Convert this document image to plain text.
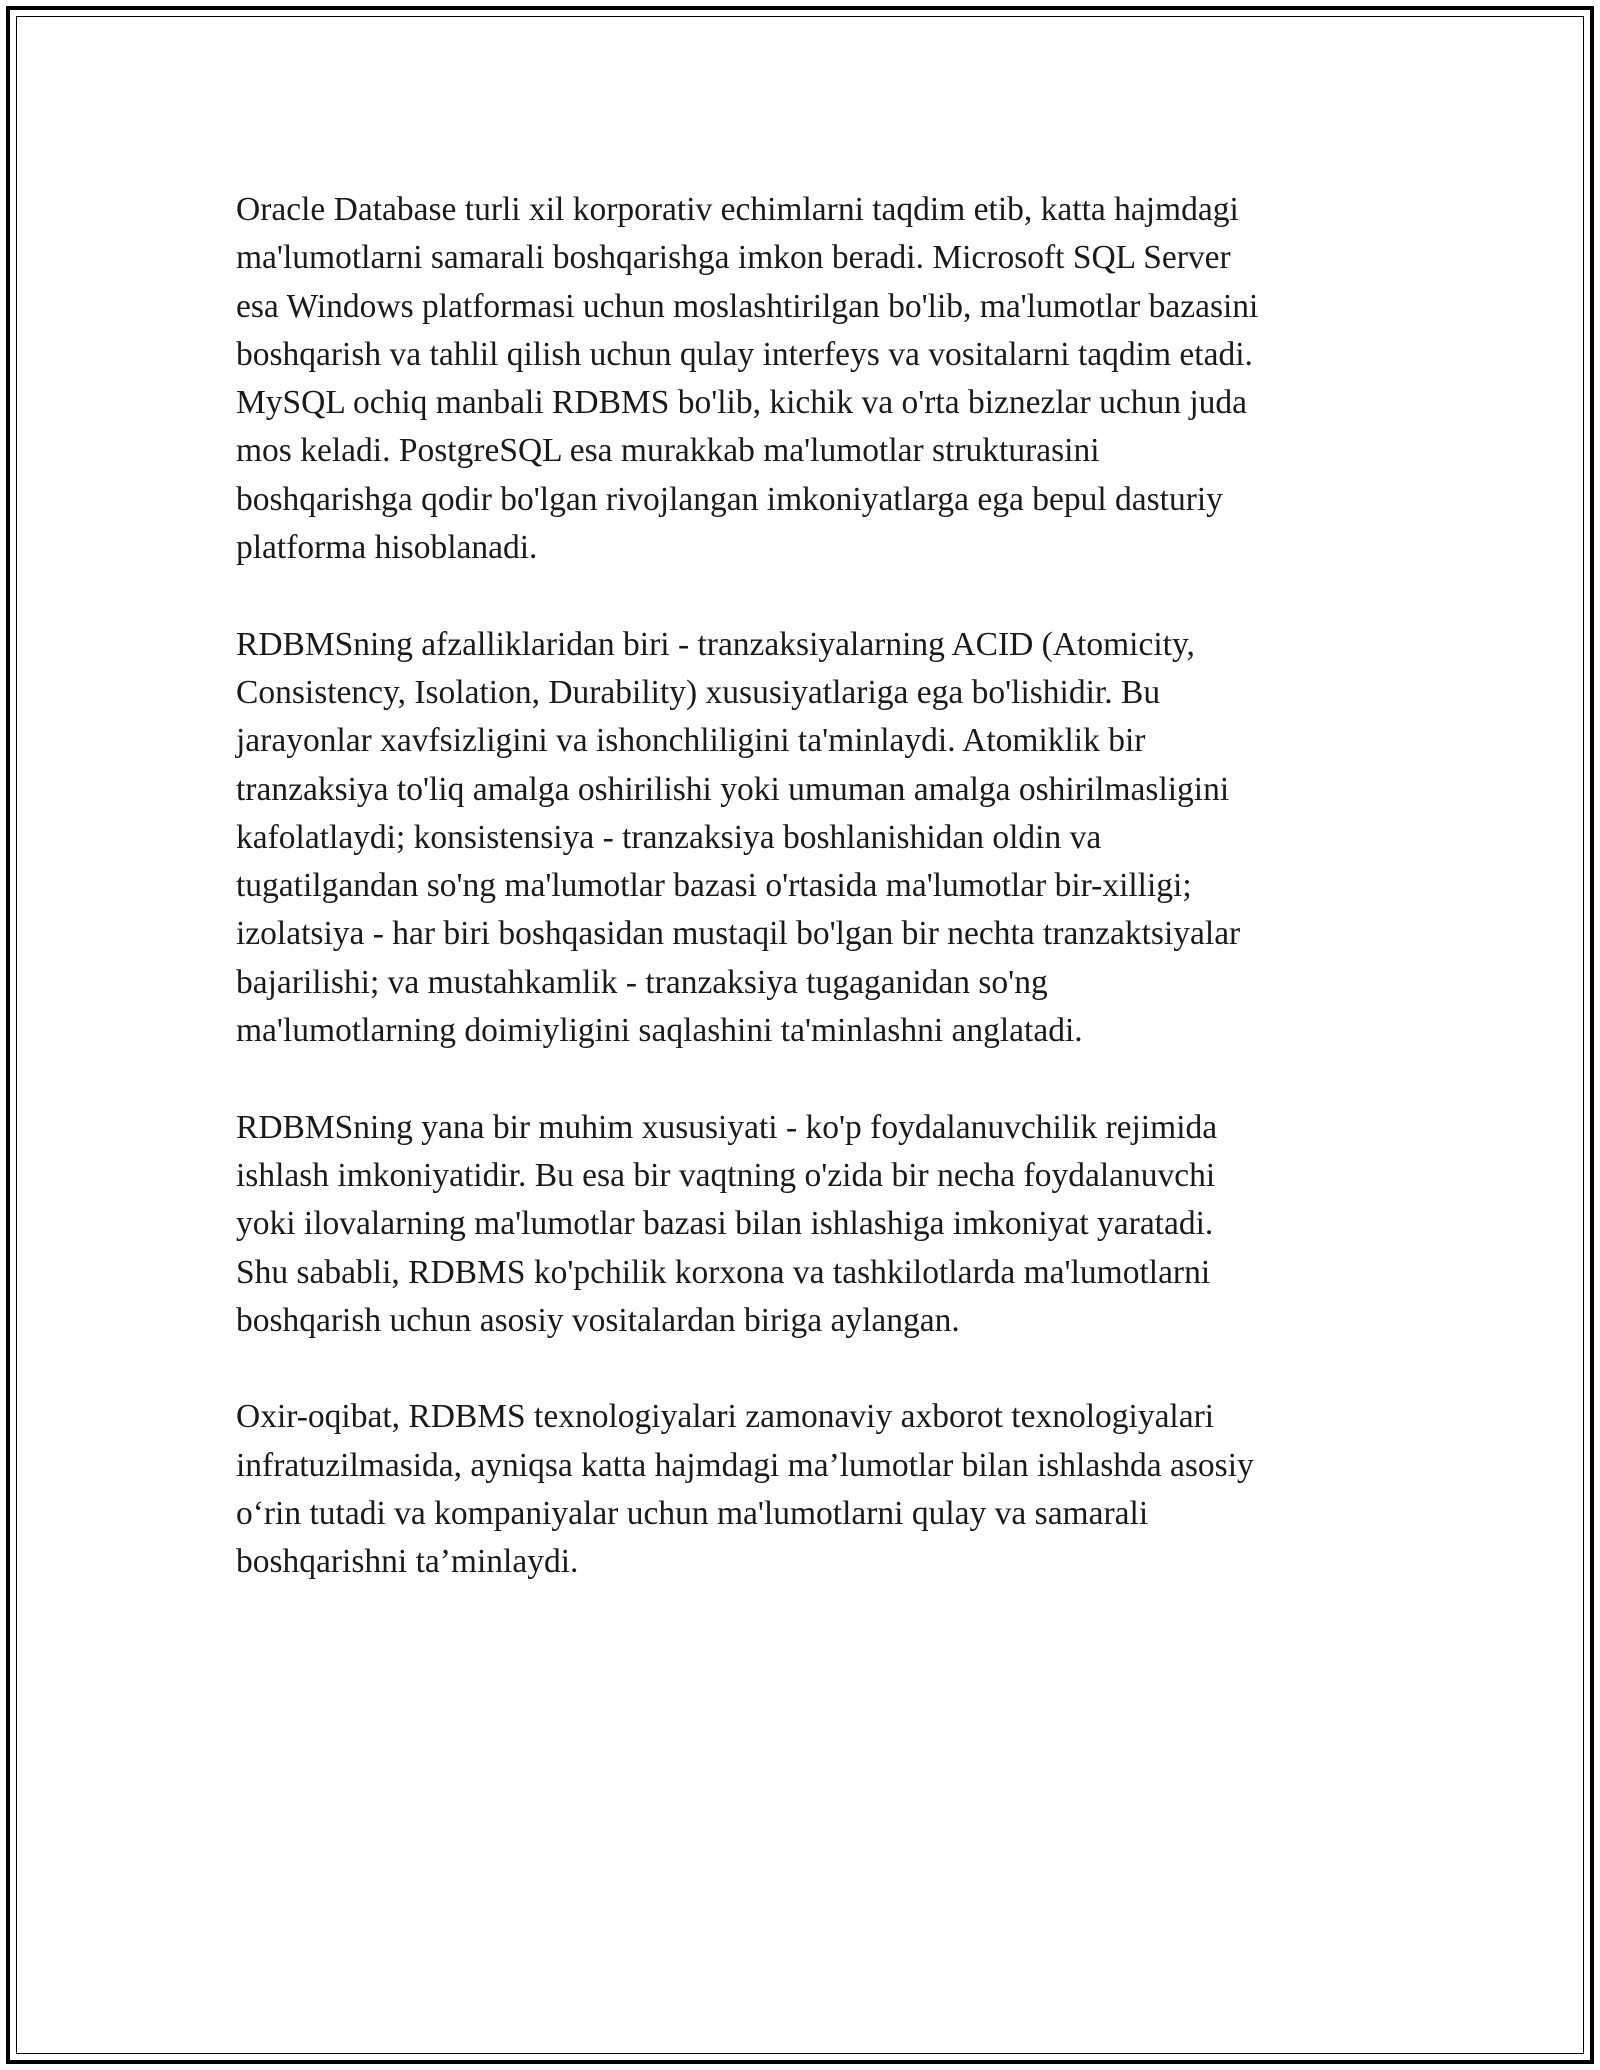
Oracle Database turli xil korporativ echimlarni taqdim etib, katta hajmdagi
ma'lumotlarni samarali boshqarishga imkon beradi. Microsoft SQL Server
esa Windows platformasi uchun moslashtirilgan bo'lib, ma'lumotlar bazasini
boshqarish va tahlil qilish uchun qulay interfeys va vositalarni taqdim etadi.
MySQL ochiq manbali RDBMS bo'lib, kichik va o'rta biznezlar uchun juda
mos keladi. PostgreSQL esa murakkab ma'lumotlar strukturasini
boshqarishga qodir bo'lgan rivojlangan imkoniyatlarga ega bepul dasturiy
platforma hisoblanadi.

RDBMSning afzalliklaridan biri - tranzaksiyalarning ACID (Atomicity,
Consistency, Isolation, Durability) xususiyatlariga ega bo'lishidir. Bu
jarayonlar xavfsizligini va ishonchliligini ta'minlaydi. Atomiklik bir
tranzaksiya to'liq amalga oshirilishi yoki umuman amalga oshirilmasligini
kafolatlaydi; konsistensiya - tranzaksiya boshlanishidan oldin va
tugatilgandan so'ng ma'lumotlar bazasi o'rtasida ma'lumotlar bir-xilligi;
izolatsiya - har biri boshqasidan mustaqil bo'lgan bir nechta tranzaktsiyalar
bajarilishi; va mustahkamlik - tranzaksiya tugaganidan so'ng
ma'lumotlarning doimiyligini saqlashini ta'minlashni anglatadi.

RDBMSning yana bir muhim xususiyati - ko'p foydalanuvchilik rejimida
ishlash imkoniyatidir. Bu esa bir vaqtning o'zida bir necha foydalanuvchi
yoki ilovalarning ma'lumotlar bazasi bilan ishlashiga imkoniyat yaratadi.
Shu sababli, RDBMS ko'pchilik korxona va tashkilotlarda ma'lumotlarni
boshqarish uchun asosiy vositalardan biriga aylangan.

Oxir-oqibat, RDBMS texnologiyalari zamonaviy axborot texnologiyalari
infratuzilmasida, ayniqsa katta hajmdagi ma’lumotlar bilan ishlashda asosiy
o‘rin tutadi va kompaniyalar uchun ma'lumotlarni qulay va samarali
boshqarishni ta’minlaydi.
